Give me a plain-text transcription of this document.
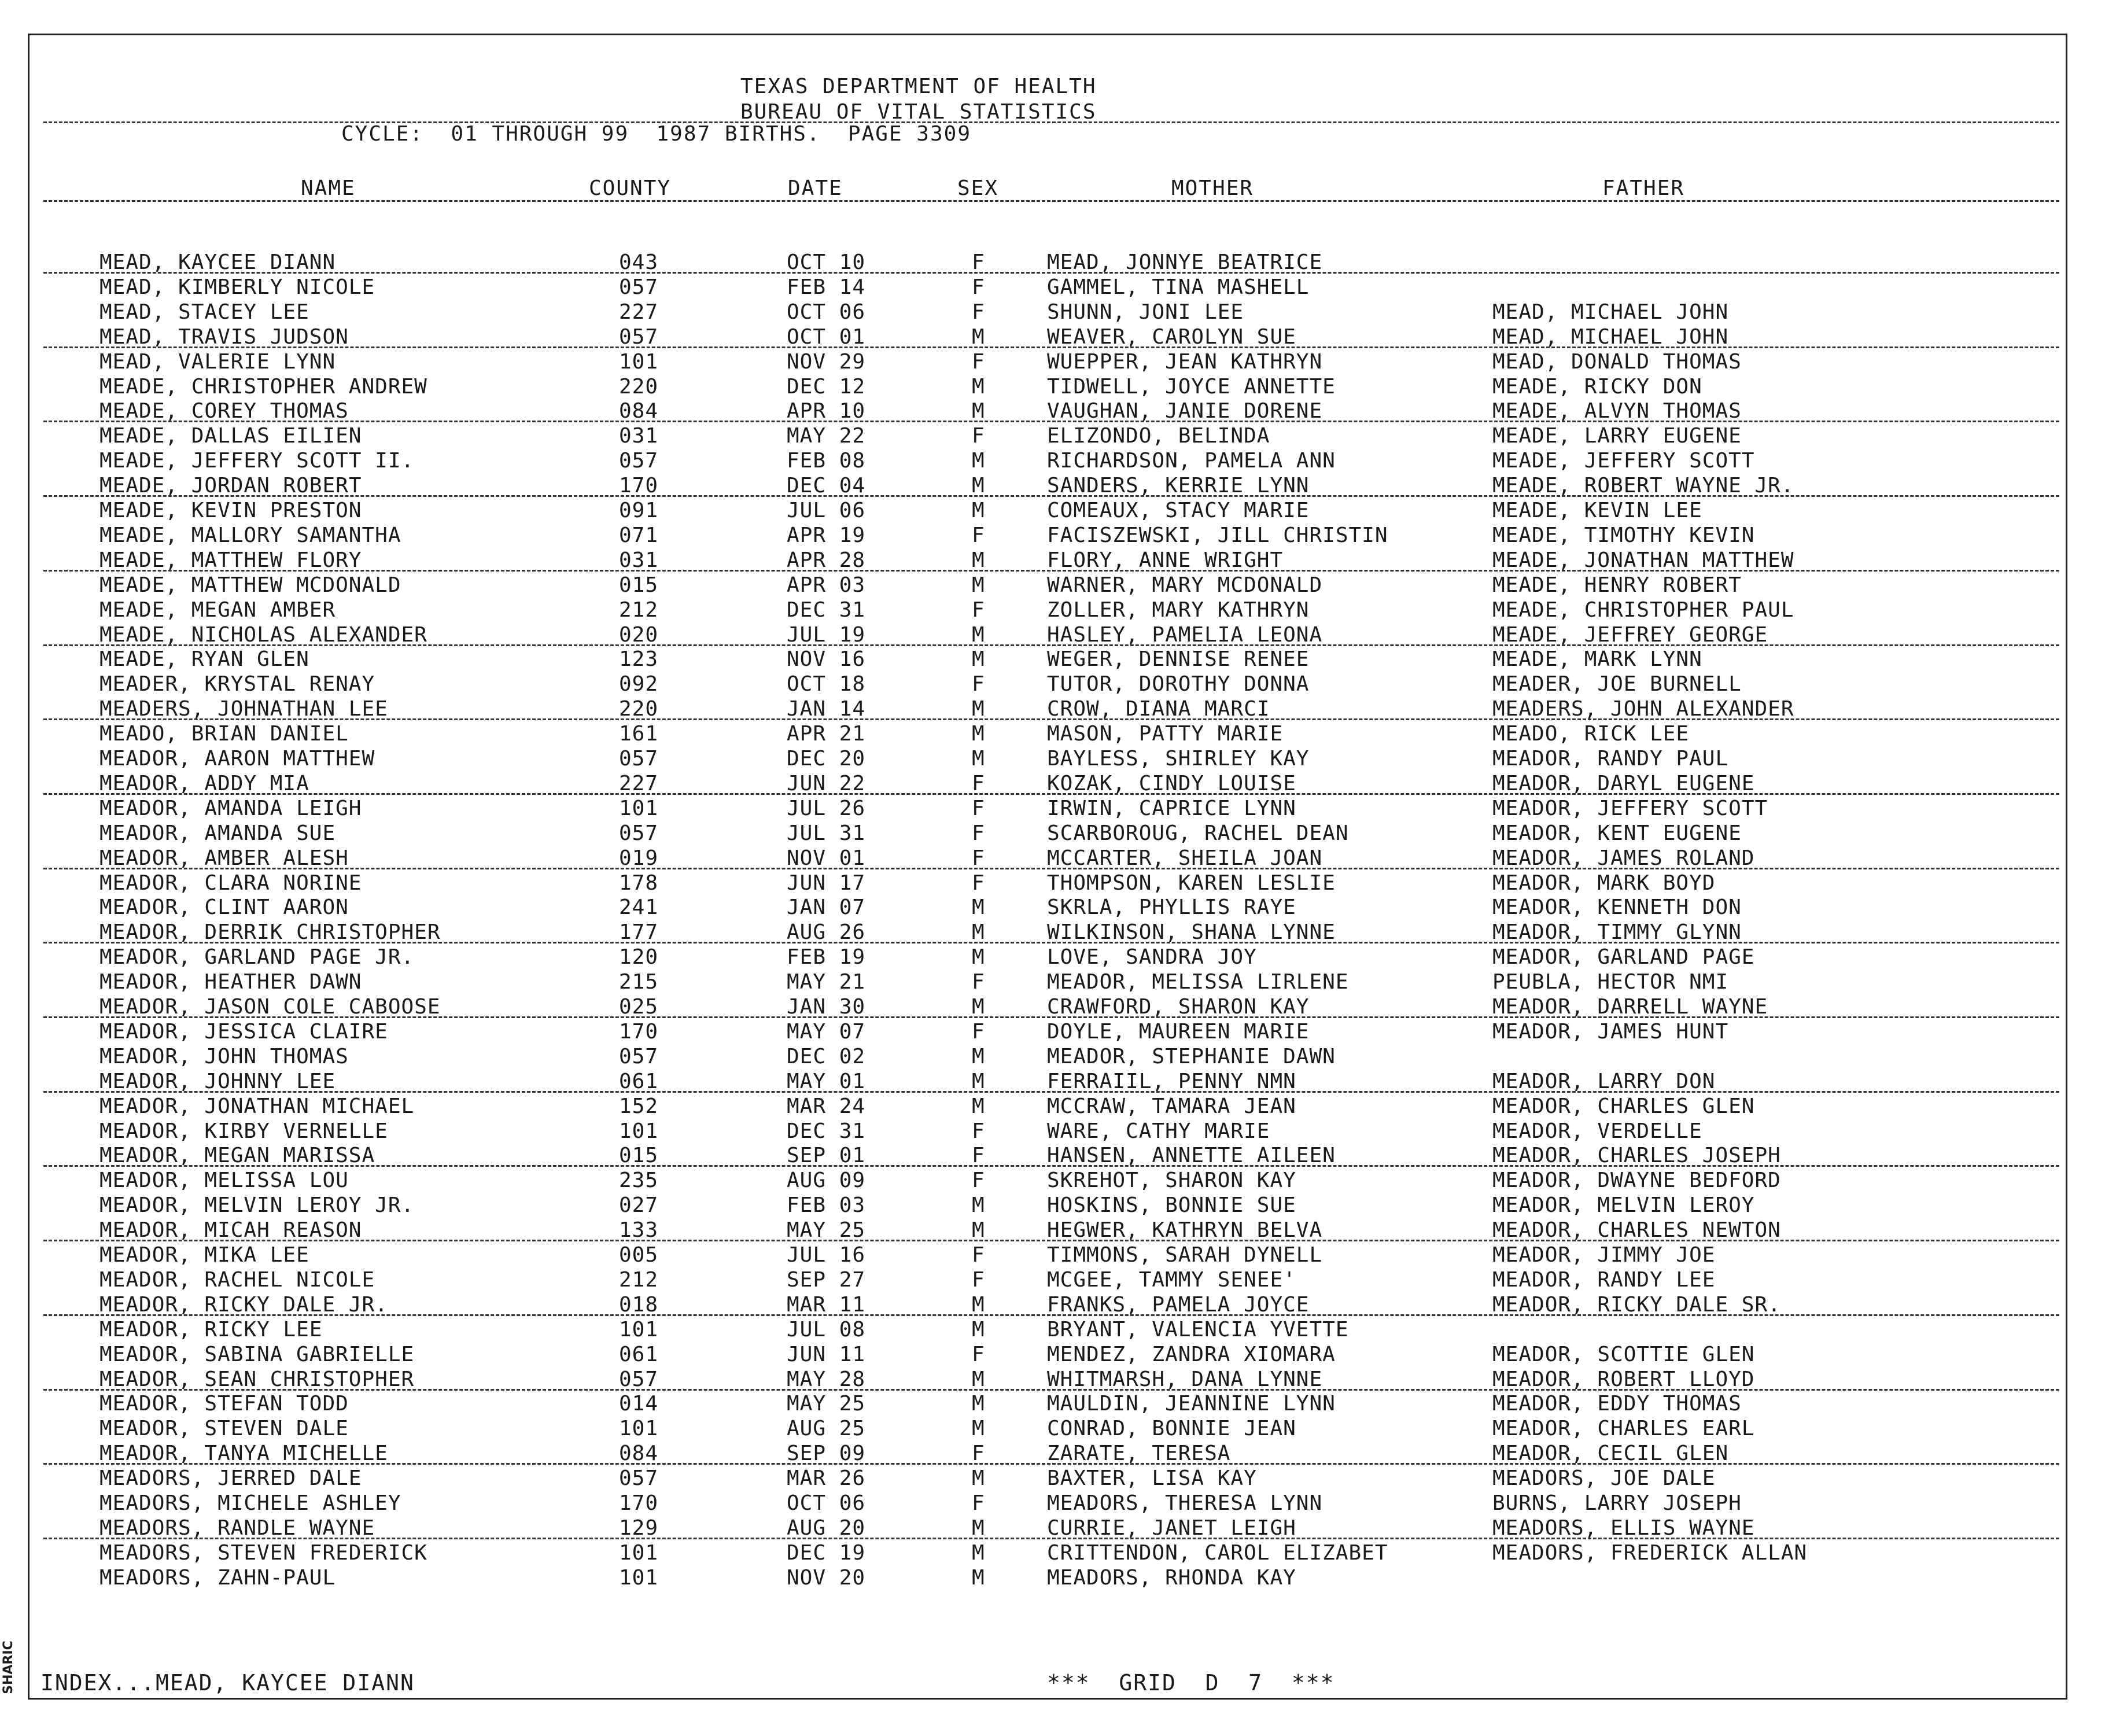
TEXAS DEPARTMENT OF HEALTH
BUREAU OF VITAL STATISTICS
CYCLE:  01 THROUGH 99  1987 BIRTHS.  PAGE 3309
NAME	COUNTY	DATE	SEX	MOTHER	FATHER
MEAD, KAYCEE DIANN	043	OCT 10	F	MEAD, JONNYE BEATRICE
MEAD, KIMBERLY NICOLE	057	FEB 14	F	GAMMEL, TINA MASHELL
MEAD, STACEY LEE	227	OCT 06	F	SHUNN, JONI LEE	MEAD, MICHAEL JOHN
MEAD, TRAVIS JUDSON	057	OCT 01	M	WEAVER, CAROLYN SUE	MEAD, MICHAEL JOHN
MEAD, VALERIE LYNN	101	NOV 29	F	WUEPPER, JEAN KATHRYN	MEAD, DONALD THOMAS
MEADE, CHRISTOPHER ANDREW	220	DEC 12	M	TIDWELL, JOYCE ANNETTE	MEADE, RICKY DON
MEADE, COREY THOMAS	084	APR 10	M	VAUGHAN, JANIE DORENE	MEADE, ALVYN THOMAS
MEADE, DALLAS EILIEN	031	MAY 22	F	ELIZONDO, BELINDA	MEADE, LARRY EUGENE
MEADE, JEFFERY SCOTT II.	057	FEB 08	M	RICHARDSON, PAMELA ANN	MEADE, JEFFERY SCOTT
MEADE, JORDAN ROBERT	170	DEC 04	M	SANDERS, KERRIE LYNN	MEADE, ROBERT WAYNE JR.
MEADE, KEVIN PRESTON	091	JUL 06	M	COMEAUX, STACY MARIE	MEADE, KEVIN LEE
MEADE, MALLORY SAMANTHA	071	APR 19	F	FACISZEWSKI, JILL CHRISTIN	MEADE, TIMOTHY KEVIN
MEADE, MATTHEW FLORY	031	APR 28	M	FLORY, ANNE WRIGHT	MEADE, JONATHAN MATTHEW
MEADE, MATTHEW MCDONALD	015	APR 03	M	WARNER, MARY MCDONALD	MEADE, HENRY ROBERT
MEADE, MEGAN AMBER	212	DEC 31	F	ZOLLER, MARY KATHRYN	MEADE, CHRISTOPHER PAUL
MEADE, NICHOLAS ALEXANDER	020	JUL 19	M	HASLEY, PAMELIA LEONA	MEADE, JEFFREY GEORGE
MEADE, RYAN GLEN	123	NOV 16	M	WEGER, DENNISE RENEE	MEADE, MARK LYNN
MEADER, KRYSTAL RENAY	092	OCT 18	F	TUTOR, DOROTHY DONNA	MEADER, JOE BURNELL
MEADERS, JOHNATHAN LEE	220	JAN 14	M	CROW, DIANA MARCI	MEADERS, JOHN ALEXANDER
MEADO, BRIAN DANIEL	161	APR 21	M	MASON, PATTY MARIE	MEADO, RICK LEE
MEADOR, AARON MATTHEW	057	DEC 20	M	BAYLESS, SHIRLEY KAY	MEADOR, RANDY PAUL
MEADOR, ADDY MIA	227	JUN 22	F	KOZAK, CINDY LOUISE	MEADOR, DARYL EUGENE
MEADOR, AMANDA LEIGH	101	JUL 26	F	IRWIN, CAPRICE LYNN	MEADOR, JEFFERY SCOTT
MEADOR, AMANDA SUE	057	JUL 31	F	SCARBOROUG, RACHEL DEAN	MEADOR, KENT EUGENE
MEADOR, AMBER ALESH	019	NOV 01	F	MCCARTER, SHEILA JOAN	MEADOR, JAMES ROLAND
MEADOR, CLARA NORINE	178	JUN 17	F	THOMPSON, KAREN LESLIE	MEADOR, MARK BOYD
MEADOR, CLINT AARON	241	JAN 07	M	SKRLA, PHYLLIS RAYE	MEADOR, KENNETH DON
MEADOR, DERRIK CHRISTOPHER	177	AUG 26	M	WILKINSON, SHANA LYNNE	MEADOR, TIMMY GLYNN
MEADOR, GARLAND PAGE JR.	120	FEB 19	M	LOVE, SANDRA JOY	MEADOR, GARLAND PAGE
MEADOR, HEATHER DAWN	215	MAY 21	F	MEADOR, MELISSA LIRLENE	PEUBLA, HECTOR NMI
MEADOR, JASON COLE CABOOSE	025	JAN 30	M	CRAWFORD, SHARON KAY	MEADOR, DARRELL WAYNE
MEADOR, JESSICA CLAIRE	170	MAY 07	F	DOYLE, MAUREEN MARIE	MEADOR, JAMES HUNT
MEADOR, JOHN THOMAS	057	DEC 02	M	MEADOR, STEPHANIE DAWN
MEADOR, JOHNNY LEE	061	MAY 01	M	FERRAIIL, PENNY NMN	MEADOR, LARRY DON
MEADOR, JONATHAN MICHAEL	152	MAR 24	M	MCCRAW, TAMARA JEAN	MEADOR, CHARLES GLEN
MEADOR, KIRBY VERNELLE	101	DEC 31	F	WARE, CATHY MARIE	MEADOR, VERDELLE
MEADOR, MEGAN MARISSA	015	SEP 01	F	HANSEN, ANNETTE AILEEN	MEADOR, CHARLES JOSEPH
MEADOR, MELISSA LOU	235	AUG 09	F	SKREHOT, SHARON KAY	MEADOR, DWAYNE BEDFORD
MEADOR, MELVIN LEROY JR.	027	FEB 03	M	HOSKINS, BONNIE SUE	MEADOR, MELVIN LEROY
MEADOR, MICAH REASON	133	MAY 25	M	HEGWER, KATHRYN BELVA	MEADOR, CHARLES NEWTON
MEADOR, MIKA LEE	005	JUL 16	F	TIMMONS, SARAH DYNELL	MEADOR, JIMMY JOE
MEADOR, RACHEL NICOLE	212	SEP 27	F	MCGEE, TAMMY SENEE'	MEADOR, RANDY LEE
MEADOR, RICKY DALE JR.	018	MAR 11	M	FRANKS, PAMELA JOYCE	MEADOR, RICKY DALE SR.
MEADOR, RICKY LEE	101	JUL 08	M	BRYANT, VALENCIA YVETTE
MEADOR, SABINA GABRIELLE	061	JUN 11	F	MENDEZ, ZANDRA XIOMARA	MEADOR, SCOTTIE GLEN
MEADOR, SEAN CHRISTOPHER	057	MAY 28	M	WHITMARSH, DANA LYNNE	MEADOR, ROBERT LLOYD
MEADOR, STEFAN TODD	014	MAY 25	M	MAULDIN, JEANNINE LYNN	MEADOR, EDDY THOMAS
MEADOR, STEVEN DALE	101	AUG 25	M	CONRAD, BONNIE JEAN	MEADOR, CHARLES EARL
MEADOR, TANYA MICHELLE	084	SEP 09	F	ZARATE, TERESA	MEADOR, CECIL GLEN
MEADORS, JERRED DALE	057	MAR 26	M	BAXTER, LISA KAY	MEADORS, JOE DALE
MEADORS, MICHELE ASHLEY	170	OCT 06	F	MEADORS, THERESA LYNN	BURNS, LARRY JOSEPH
MEADORS, RANDLE WAYNE	129	AUG 20	M	CURRIE, JANET LEIGH	MEADORS, ELLIS WAYNE
MEADORS, STEVEN FREDERICK	101	DEC 19	M	CRITTENDON, CAROL ELIZABET	MEADORS, FREDERICK ALLAN
MEADORS, ZAHN-PAUL	101	NOV 20	M	MEADORS, RHONDA KAY
INDEX...MEAD, KAYCEE DIANN	***  GRID  D  7  ***
SHARIC
